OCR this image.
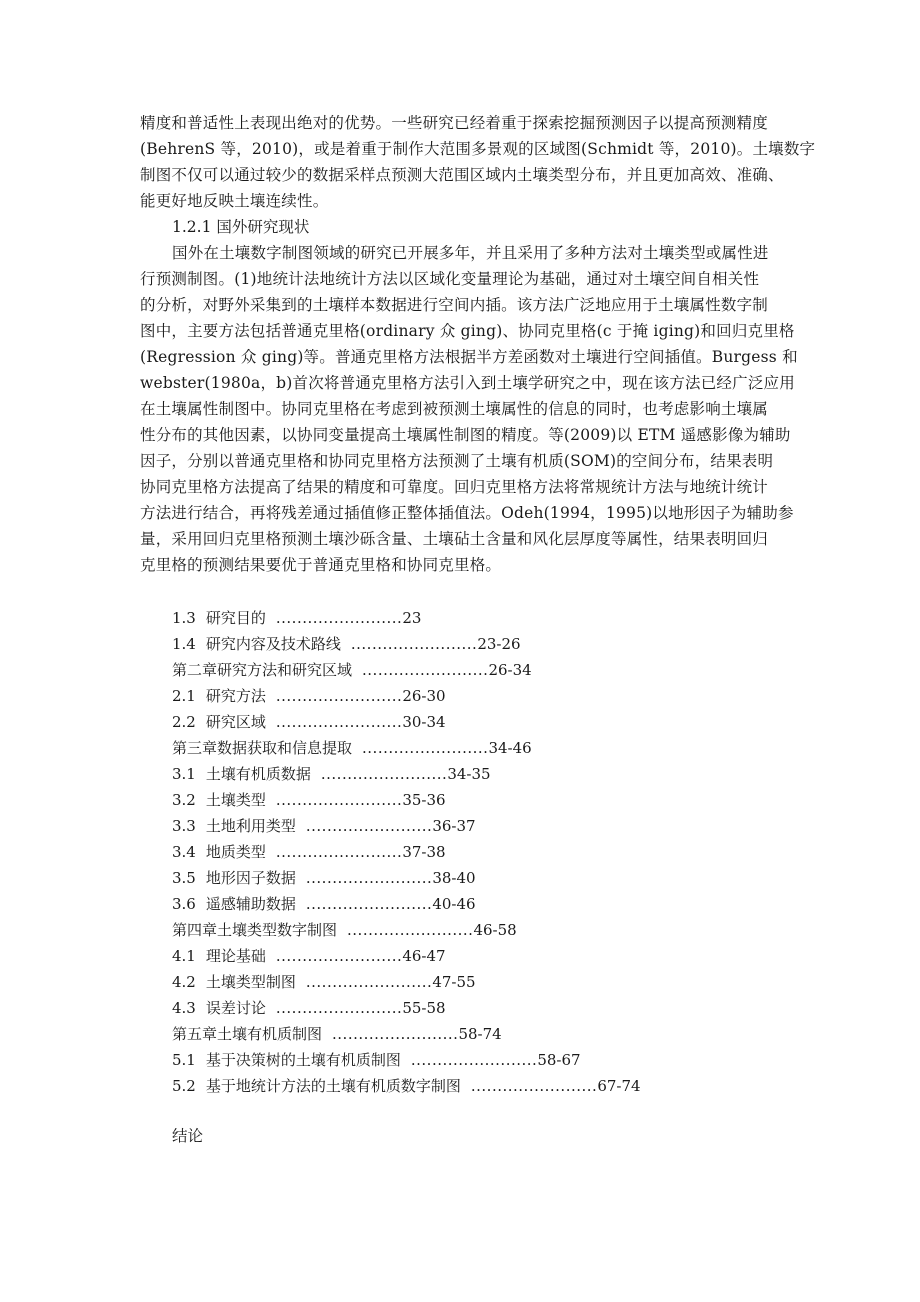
精度和普适性上表现出绝对的优势。一些研究已经着重于探索挖掘预测因子以提高预测精度
(BehrenS 等，2010)，或是着重于制作大范围多景观的区域图(Schmidt 等，2010)。土壤数字
制图不仅可以通过较少的数据采样点预测大范围区域内土壤类型分布，并且更加高效、准确、
能更好地反映土壤连续性。

1.2.1 国外研究现状

国外在土壤数字制图领域的研究已开展多年，并且采用了多种方法对土壤类型或属性进
行预测制图。(1)地统计法地统计方法以区域化变量理论为基础，通过对土壤空间自相关性
的分析，对野外采集到的土壤样本数据进行空间内插。该方法广泛地应用于土壤属性数字制
图中，主要方法包括普通克里格(ordinary 众 ging)、协同克里格(c 于掩 iging)和回归克里格
(Regression 众 ging)等。普通克里格方法根据半方差函数对土壤进行空间插值。Burgess 和
webster(1980a，b)首次将普通克里格方法引入到土壤学研究之中，现在该方法已经广泛应用
在土壤属性制图中。协同克里格在考虑到被预测土壤属性的信息的同时，也考虑影响土壤属
性分布的其他因素，以协同变量提高土壤属性制图的精度。等(2009)以 ETM 遥感影像为辅助
因子，分别以普通克里格和协同克里格方法预测了土壤有机质(SOM)的空间分布，结果表明
协同克里格方法提高了结果的精度和可靠度。回归克里格方法将常规统计方法与地统计统计
方法进行结合，再将残差通过插值修正整体插值法。Odeh(1994，1995)以地形因子为辅助参
量，采用回归克里格预测土壤沙砾含量、土壤砧土含量和风化层厚度等属性，结果表明回归
克里格的预测结果要优于普通克里格和协同克里格。

1.3 研究目的 ........................23
1.4 研究内容及技术路线 ........................23-26
第二章研究方法和研究区域 ........................26-34
2.1 研究方法 ........................26-30
2.2 研究区域 ........................30-34
第三章数据获取和信息提取 ........................34-46
3.1 土壤有机质数据 ........................34-35
3.2 土壤类型 ........................35-36
3.3 土地利用类型 ........................36-37
3.4 地质类型 ........................37-38
3.5 地形因子数据 ........................38-40
3.6 遥感辅助数据 ........................40-46
第四章土壤类型数字制图 ........................46-58
4.1 理论基础 ........................46-47
4.2 土壤类型制图 ........................47-55
4.3 误差讨论 ........................55-58
第五章土壤有机质制图 ........................58-74
5.1 基于决策树的土壤有机质制图 ........................58-67
5.2 基于地统计方法的土壤有机质数字制图 ........................67-74
结论
